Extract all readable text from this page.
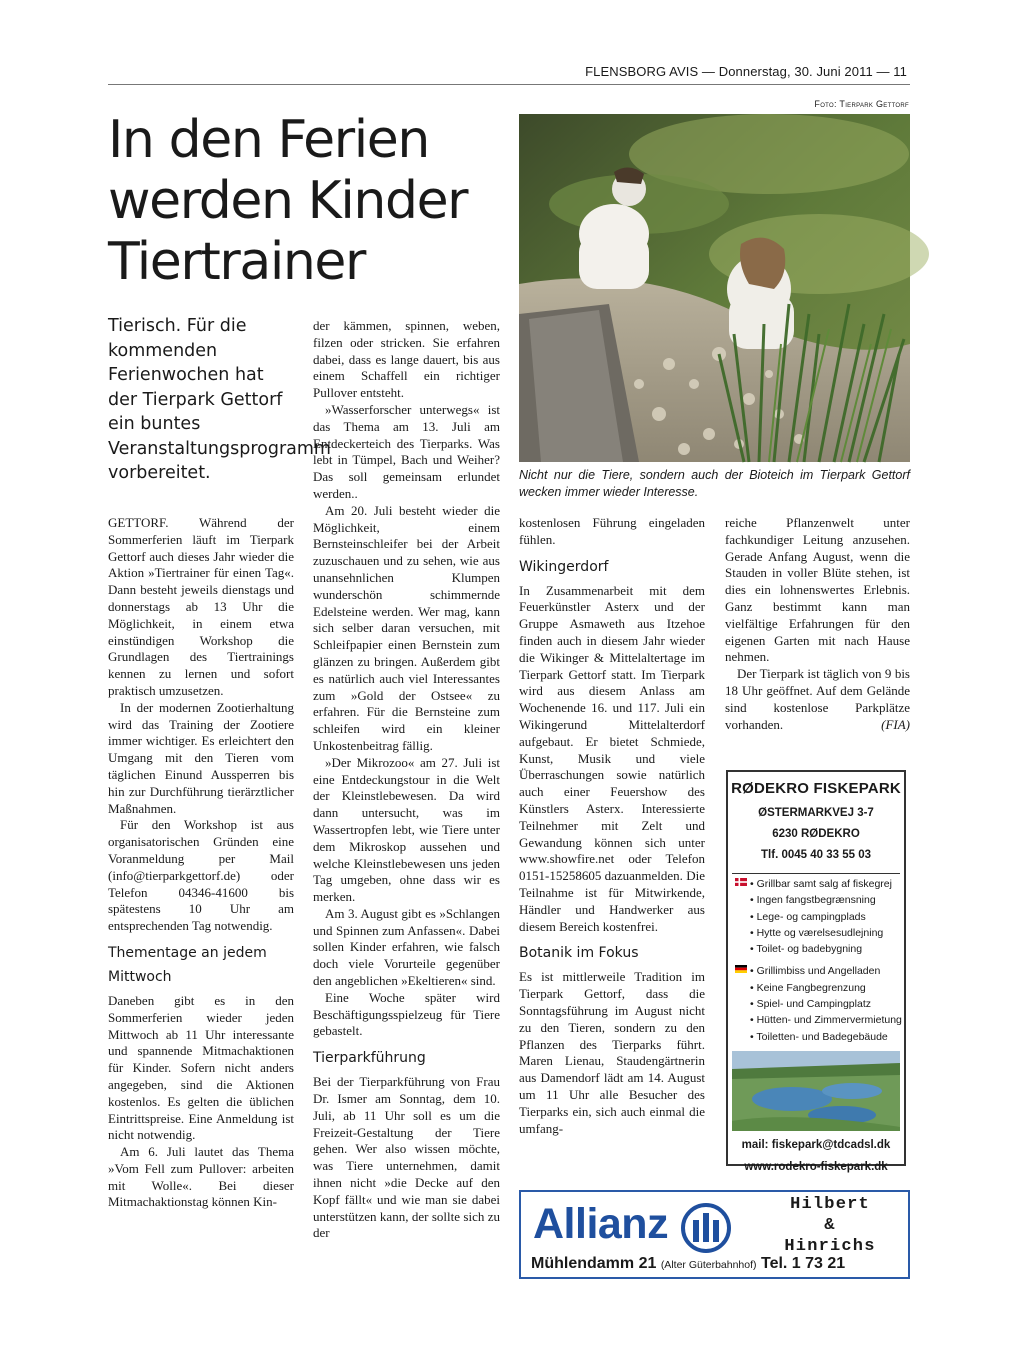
FLENSBORG AVIS — Donnerstag, 30. Juni 2011 — 11
Foto: Tierpark Gettorf
In den Ferien
werden Kinder
Tiertrainer

Tierisch. Für die kommenden Ferienwochen hat der Tierpark Gettorf ein buntes Veranstaltungsprogramm vorbereitet.

GETTORF. Während der Sommerferien läuft im Tierpark Gettorf auch dieses Jahr wieder die Aktion »Tiertrainer für einen Tag«. Dann besteht jeweils dienstags und donnerstags ab 13 Uhr die Möglichkeit, in einem etwa einstündigen Workshop die Grundlagen des Tiertrainings kennen zu lernen und sofort praktisch umzusetzen.

In der modernen Zootierhaltung wird das Training der Zootiere immer wichtiger. Es erleichtert den Umgang mit den Tieren vom täglichen Einund Aussperren bis hin zur Durchführung tierärztlicher Maßnahmen.

Für den Workshop ist aus organisatorischen Gründen eine Voranmeldung per Mail (info@tierparkgettorf.de) oder Telefon 04346-41600 bis spätestens 10 Uhr am entsprechenden Tag notwendig.

Thementage an jedem Mittwoch

Daneben gibt es in den Sommerferien wieder jeden Mittwoch ab 11 Uhr interessante und spannende Mitmachaktionen für Kinder. Sofern nicht anders angegeben, sind die Aktionen kostenlos. Es gelten die üblichen Eintrittspreise. Eine Anmeldung ist nicht notwendig.

Am 6. Juli lautet das Thema »Vom Fell zum Pullover: arbeiten mit Wolle«. Bei dieser Mitmachaktionstag können Kin-

der kämmen, spinnen, weben, filzen oder stricken. Sie erfahren dabei, dass es lange dauert, bis aus einem Schaffell ein richtiger Pullover entsteht.

»Wasserforscher unterwegs« ist das Thema am 13. Juli am Entdeckerteich des Tierparks. Was lebt in Tümpel, Bach und Weiher? Das soll gemeinsam erlundet werden..

Am 20. Juli besteht wieder die Möglichkeit, einem Bernsteinschleifer bei der Arbeit zuzuschauen und zu sehen, wie aus unansehnlichen Klumpen wunderschön schimmernde Edelsteine werden. Wer mag, kann sich selber daran versuchen, mit Schleifpapier einen Bernstein zum glänzen zu bringen. Außerdem gibt es natürlich auch viel Interessantes zum »Gold der Ostsee« zu erfahren. Für die Bernsteine zum schleifen wird ein kleiner Unkostenbeitrag fällig.

»Der Mikrozoo« am 27. Juli ist eine Entdeckungstour in die Welt der Kleinstlebewesen. Da wird dann untersucht, was im Wassertropfen lebt, wie Tiere unter dem Mikroskop aussehen und welche Kleinstlebewesen uns jeden Tag umgeben, ohne dass wir es merken.

Am 3. August gibt es »Schlangen und Spinnen zum Anfassen«. Dabei sollen Kinder erfahren, wie falsch doch viele Vorurteile gegenüber den angeblichen »Ekeltieren« sind.

Eine Woche später wird Beschäftigungsspielzeug für Tiere gebastelt.

Tierparkführung

Bei der Tierparkführung von Frau Dr. Ismer am Sonntag, dem 10. Juli, ab 11 Uhr soll es um die Freizeit-Gestaltung der Tiere gehen. Wer also wissen möchte, was Tiere unternehmen, damit ihnen nicht »die Decke auf den Kopf fällt« und wie man sie dabei unterstützen kann, der sollte sich zu der

Nicht nur die Tiere, sondern auch der Bioteich im Tierpark Gettorf wecken immer wieder Interesse.

kostenlosen Führung eingeladen fühlen.

Wikingerdorf

In Zusammenarbeit mit dem Feuerkünstler Asterx und der Gruppe Asmaweth aus Itzehoe finden auch in diesem Jahr wieder die Wikinger & Mittelaltertage im Tierpark Gettorf statt. Im Tierpark wird aus diesem Anlass am Wochenende 16. und 117. Juli ein Wikingerund Mittelalterdorf aufgebaut. Er bietet Schmiede, Kunst, Musik und viele Überraschungen sowie natürlich auch einer Feuershow des Künstlers Asterx. Interessierte Teilnehmer mit Zelt und Gewandung können sich unter www.showfire.net oder Telefon 0151-15258605 dazuanmelden. Die Teilnahme ist für Mitwirkende, Händler und Handwerker aus diesem Bereich kostenfrei.

Botanik im Fokus

Es ist mittlerweile Tradition im Tierpark Gettorf, dass die Sonntagsführung im August nicht zu den Tieren, sondern zu den Pflanzen des Tierparks führt. Maren Lienau, Staudengärtnerin aus Damendorf lädt am 14. August um 11 Uhr alle Besucher des Tierparks ein, sich auch einmal die umfang-

reiche Pflanzenwelt unter fachkundiger Leitung anzusehen. Gerade Anfang August, wenn die Stauden in voller Blüte stehen, ist dies ein lohnenswertes Erlebnis. Ganz bestimmt kann man vielfältige Erfahrungen für den eigenen Garten mit nach Hause nehmen.

Der Tierpark ist täglich von 9 bis 18 Uhr geöffnet. Auf dem Gelände sind kostenlose Parkplätze vorhanden.	(FIA)

RØDEKRO FISKEPARK
ØSTERMARKVEJ 3-7
6230 RØDEKRO
Tlf. 0045 40 33 55 03
• Grillbar samt salg af fiskegrej
• Ingen fangstbegrænsning
• Lege- og campingplads
• Hytte og værelsesudlejning
• Toilet- og badebygning
• Grillimbiss und Angelladen
• Keine Fangbegrenzung
• Spiel- und Campingplatz
• Hütten- und Zimmervermietung
• Toiletten- und Badegebäude
mail: fiskepark@tdcadsl.dk
www.rodekro-fiskepark.dk
Allianz	Hilbert
&
Hinrichs
Mühlendamm 21 (Alter Güterbahnhof) Tel. 1 73 21
